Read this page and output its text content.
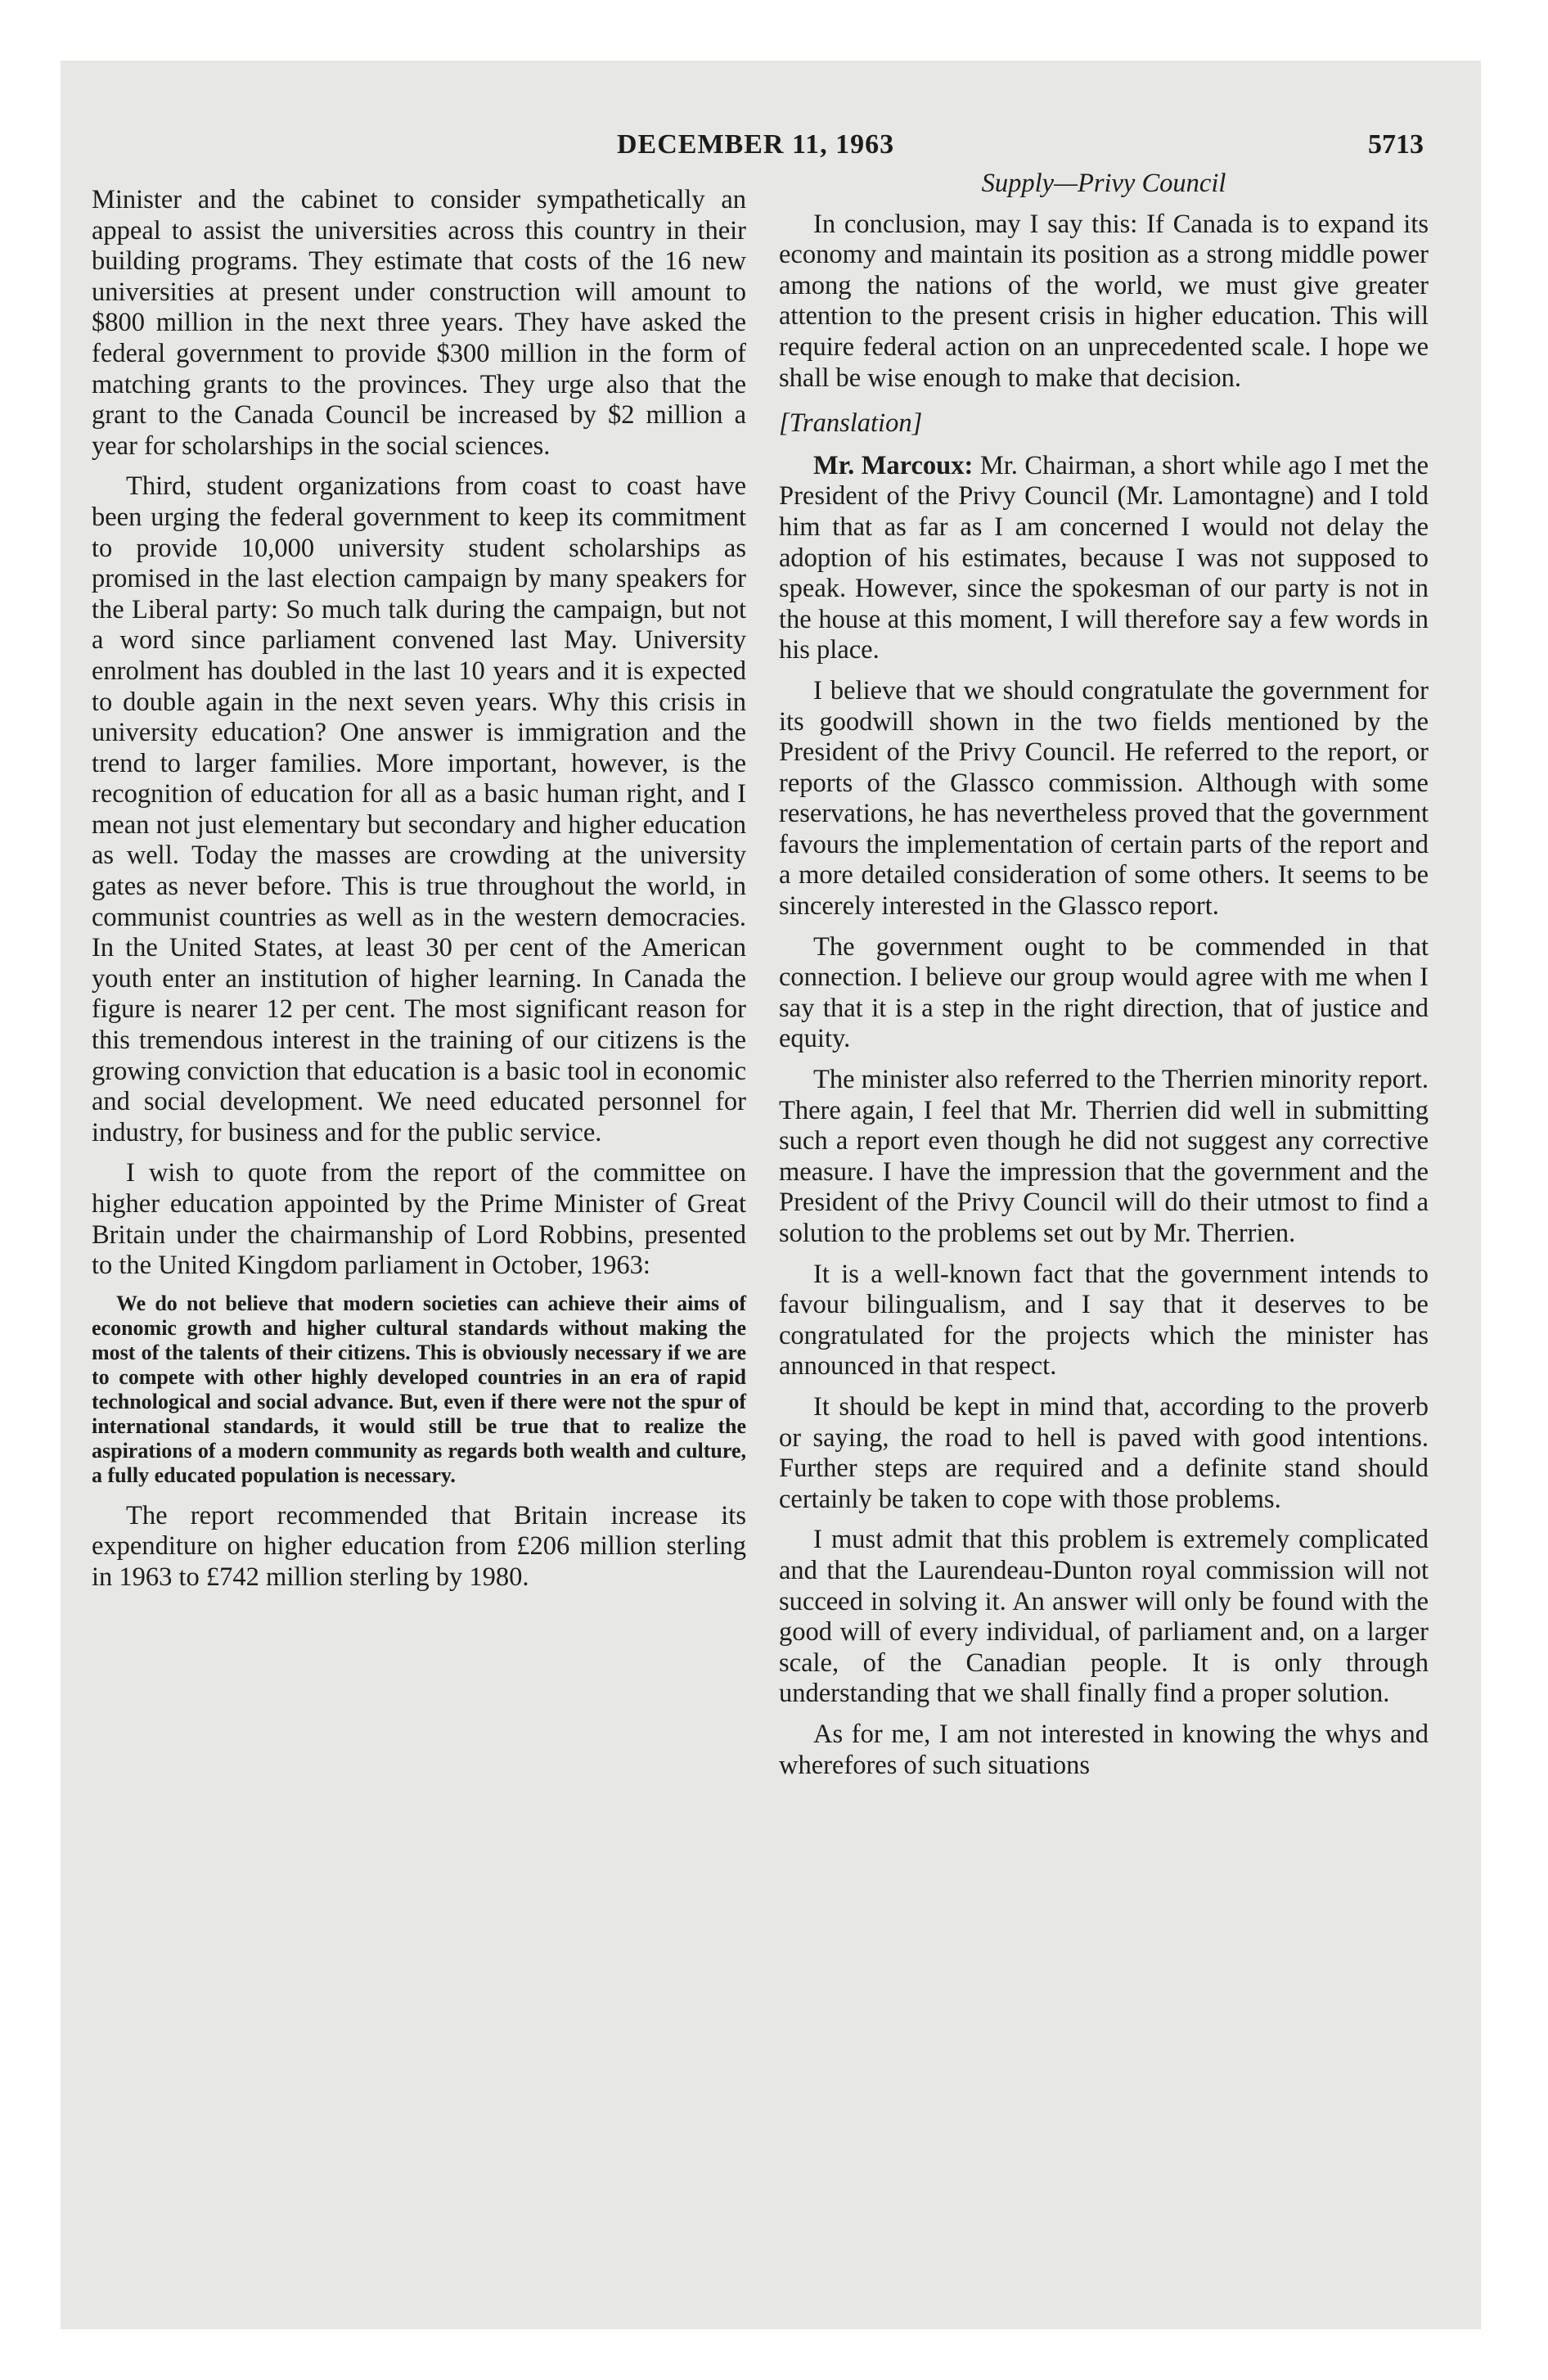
DECEMBER 11, 1963	5713

Minister and the cabinet to consider sympathetically an appeal to assist the universities across this country in their building programs. They estimate that costs of the 16 new universities at present under construction will amount to $800 million in the next three years. They have asked the federal government to provide $300 million in the form of matching grants to the provinces. They urge also that the grant to the Canada Council be increased by $2 million a year for scholarships in the social sciences.

Third, student organizations from coast to coast have been urging the federal government to keep its commitment to provide 10,000 university student scholarships as promised in the last election campaign by many speakers for the Liberal party: So much talk during the campaign, but not a word since parliament convened last May. University enrolment has doubled in the last 10 years and it is expected to double again in the next seven years. Why this crisis in university education? One answer is immigration and the trend to larger families. More important, however, is the recognition of education for all as a basic human right, and I mean not just elementary but secondary and higher education as well. Today the masses are crowding at the university gates as never before. This is true throughout the world, in communist countries as well as in the western democracies. In the United States, at least 30 per cent of the American youth enter an institution of higher learning. In Canada the figure is nearer 12 per cent. The most significant reason for this tremendous interest in the training of our citizens is the growing conviction that education is a basic tool in economic and social development. We need educated personnel for industry, for business and for the public service.

I wish to quote from the report of the committee on higher education appointed by the Prime Minister of Great Britain under the chairmanship of Lord Robbins, presented to the United Kingdom parliament in October, 1963:

We do not believe that modern societies can achieve their aims of economic growth and higher cultural standards without making the most of the talents of their citizens. This is obviously necessary if we are to compete with other highly developed countries in an era of rapid technological and social advance. But, even if there were not the spur of international standards, it would still be true that to realize the aspirations of a modern community as regards both wealth and culture, a fully educated population is necessary.

The report recommended that Britain increase its expenditure on higher education from £206 million sterling in 1963 to £742 million sterling by 1980.

Supply—Privy Council

In conclusion, may I say this: If Canada is to expand its economy and maintain its position as a strong middle power among the nations of the world, we must give greater attention to the present crisis in higher education. This will require federal action on an unprecedented scale. I hope we shall be wise enough to make that decision.

[Translation]

Mr. Marcoux: Mr. Chairman, a short while ago I met the President of the Privy Council (Mr. Lamontagne) and I told him that as far as I am concerned I would not delay the adoption of his estimates, because I was not supposed to speak. However, since the spokesman of our party is not in the house at this moment, I will therefore say a few words in his place.

I believe that we should congratulate the government for its goodwill shown in the two fields mentioned by the President of the Privy Council. He referred to the report, or reports of the Glassco commission. Although with some reservations, he has nevertheless proved that the government favours the implementation of certain parts of the report and a more detailed consideration of some others. It seems to be sincerely interested in the Glassco report.

The government ought to be commended in that connection. I believe our group would agree with me when I say that it is a step in the right direction, that of justice and equity.

The minister also referred to the Therrien minority report. There again, I feel that Mr. Therrien did well in submitting such a report even though he did not suggest any corrective measure. I have the impression that the government and the President of the Privy Council will do their utmost to find a solution to the problems set out by Mr. Therrien.

It is a well-known fact that the government intends to favour bilingualism, and I say that it deserves to be congratulated for the projects which the minister has announced in that respect.

It should be kept in mind that, according to the proverb or saying, the road to hell is paved with good intentions. Further steps are required and a definite stand should certainly be taken to cope with those problems.

I must admit that this problem is extremely complicated and that the Laurendeau-Dunton royal commission will not succeed in solving it. An answer will only be found with the good will of every individual, of parliament and, on a larger scale, of the Canadian people. It is only through understanding that we shall finally find a proper solution.

As for me, I am not interested in knowing the whys and wherefores of such situations
